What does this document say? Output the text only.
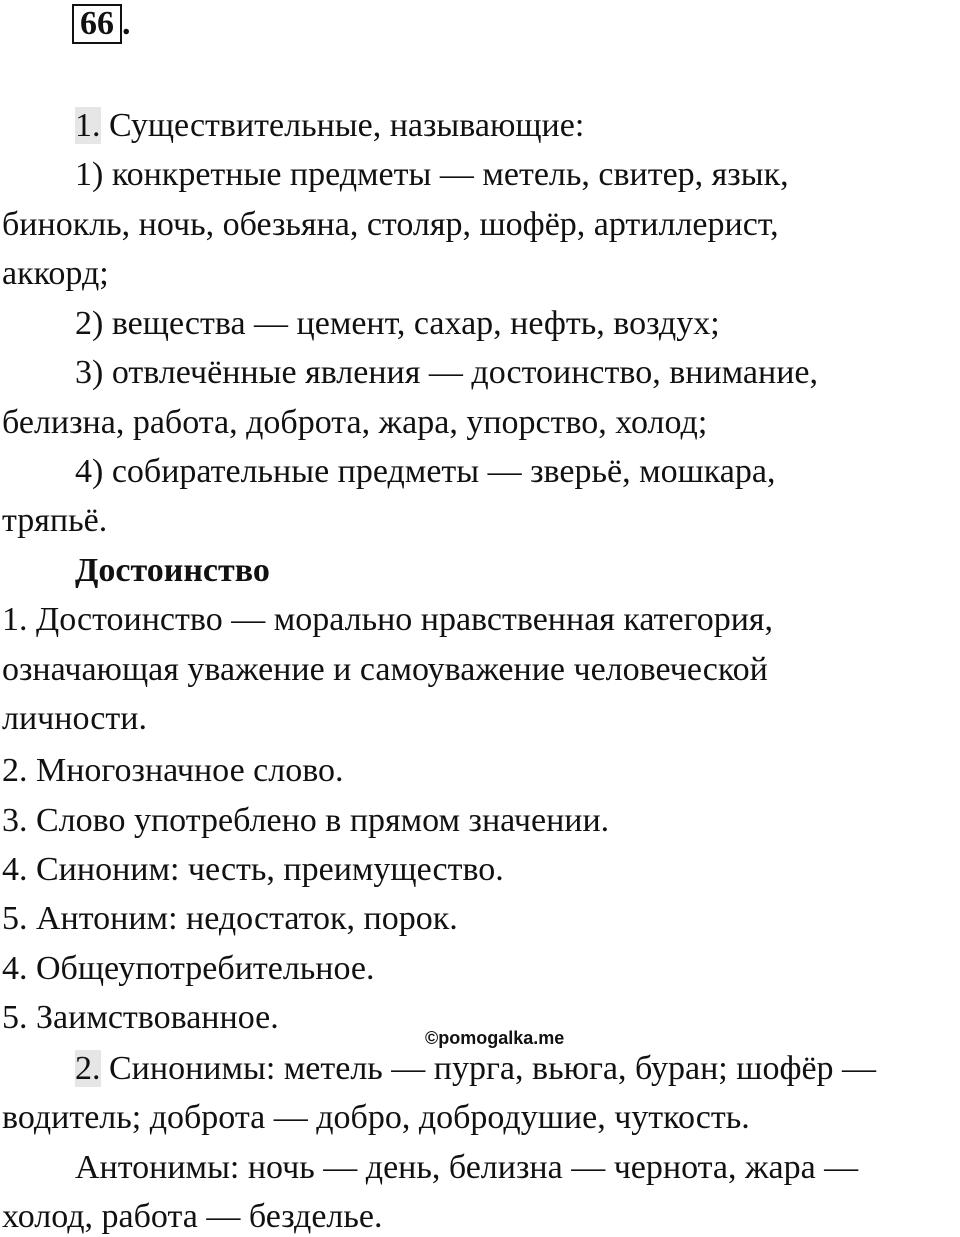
66 .
1. Существительные, называющие:
1) конкретные предметы — метель, свитер, язык,
бинокль, ночь, обезьяна, столяр, шофёр, артиллерист,
аккорд;
2) вещества — цемент, сахар, нефть, воздух;
3) отвлечённые явления — достоинство, внимание,
белизна, работа, доброта, жара, упорство, холод;
4) собирательные предметы — зверьё, мошкара,
тряпьё.
Достоинство
1. Достоинство — морально нравственная категория,
означающая уважение и самоуважение человеческой
личности.
2. Многозначное слово.
3. Слово употреблено в прямом значении.
4. Синоним: честь, преимущество.
5. Антоним: недостаток, порок.
4. Общеупотребительное.
5. Заимствованное.
©pomogalka.me
2. Синонимы: метель — пурга, вьюга, буран; шофёр —
водитель; доброта — добро, добродушие, чуткость.
Антонимы: ночь — день, белизна — чернота, жара —
холод, работа — безделье.
